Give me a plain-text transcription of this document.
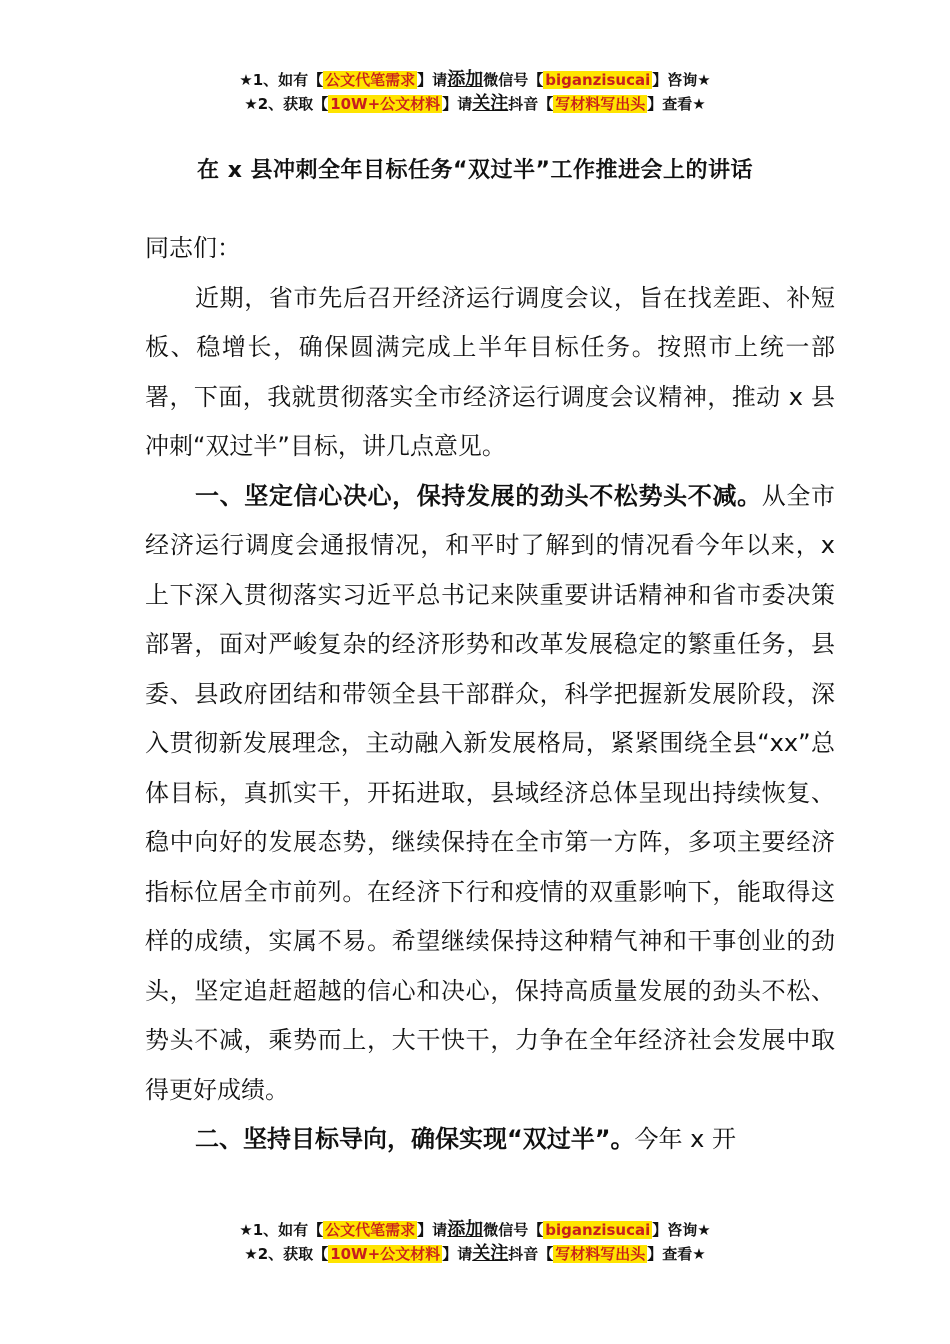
★1、如有【 公文代笔需求 】请添加微信号【 biganzisucai 】咨询★
★2、获取【 10W+公文材料 】请关注抖音【 写材料写出头 】查看★
在 x 县冲刺全年目标任务“双过半”工作推进会上的讲话

同志们：

近期，省市先后召开经济运行调度会议，旨在找差距、补短板、稳增长，确保圆满完成上半年目标任务。按照市上统一部署，下面，我就贯彻落实全市经济运行调度会议精神，推动 x 县冲刺“双过半”目标，讲几点意见。

一、坚定信心决心，保持发展的劲头不松势头不减。从全市经济运行调度会通报情况，和平时了解到的情况看今年以来，x 上下深入贯彻落实习近平总书记来陕重要讲话精神和省市委决策部署，面对严峻复杂的经济形势和改革发展稳定的繁重任务，县委、县政府团结和带领全县干部群众，科学把握新发展阶段，深入贯彻新发展理念，主动融入新发展格局，紧紧围绕全县“xx”总体目标，真抓实干，开拓进取，县域经济总体呈现出持续恢复、稳中向好的发展态势，继续保持在全市第一方阵，多项主要经济指标位居全市前列。在经济下行和疫情的双重影响下，能取得这样的成绩，实属不易。希望继续保持这种精气神和干事创业的劲头，坚定追赶超越的信心和决心，保持高质量发展的劲头不松、势头不减，乘势而上，大干快干，力争在全年经济社会发展中取得更好成绩。

二、坚持目标导向，确保实现“双过半”。今年 x 开

★1、如有【 公文代笔需求 】请添加微信号【 biganzisucai 】咨询★
★2、获取【 10W+公文材料 】请关注抖音【 写材料写出头 】查看★
